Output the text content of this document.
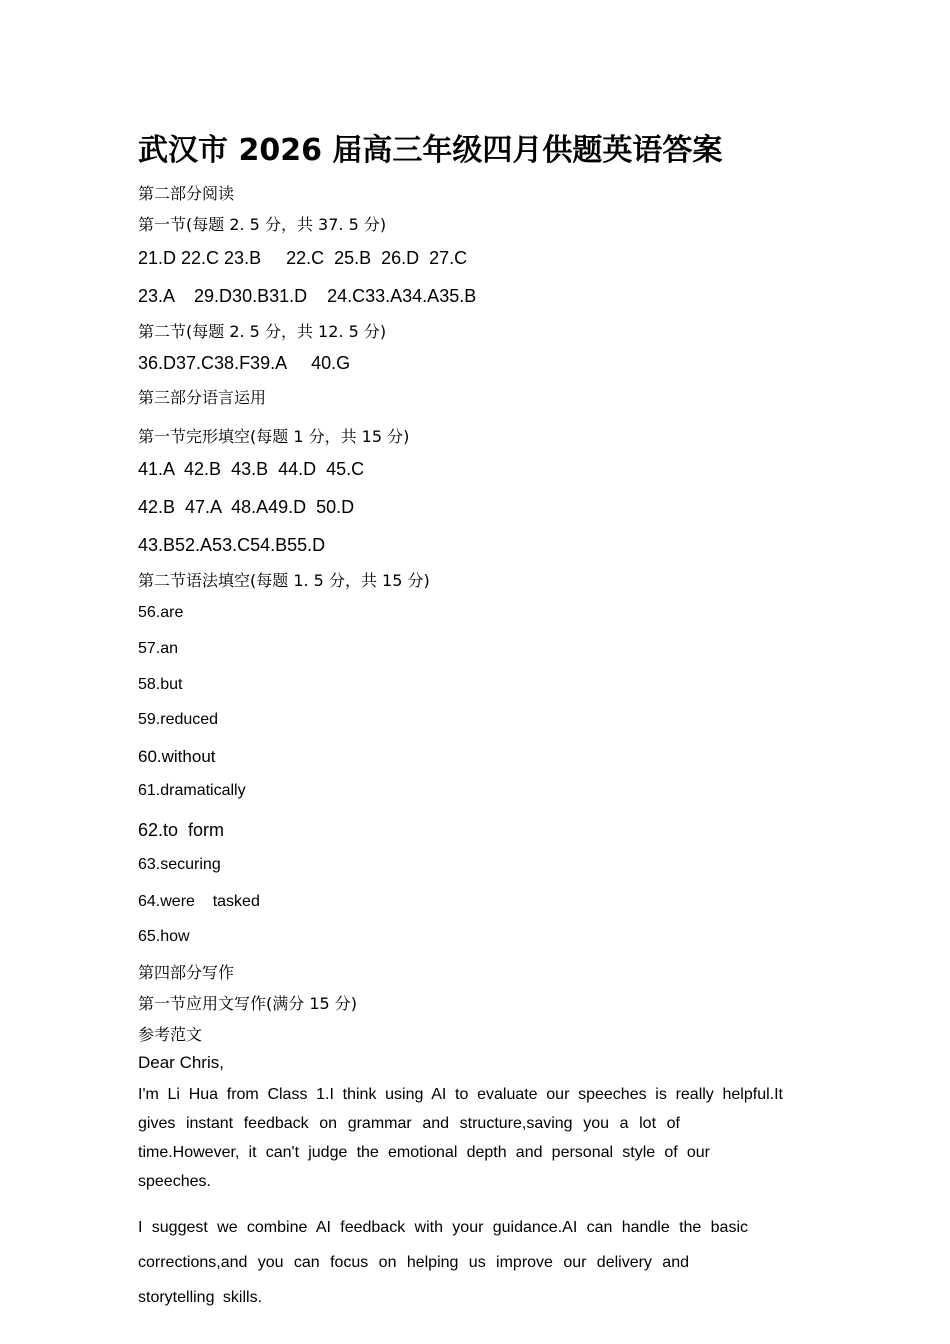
武汉市 2026 届高三年级四月供题英语答案
第二部分阅读
第一节(每题 2. 5 分，共 37. 5 分)
21.D 22.C 23.B     22.C  25.B  26.D  27.C
23.A    29.D30.B31.D    24.C33.A34.A35.B
第二节(每题 2. 5 分，共 12. 5 分)
36.D37.C38.F39.A     40.G
第三部分语言运用
第一节完形填空(每题 1 分，共 15 分)
41.A  42.B  43.B  44.D  45.C
42.B  47.A  48.A49.D  50.D
43.B52.A53.C54.B55.D
第二节语法填空(每题 1. 5 分，共 15 分)
56.are
57.an
58.but
59.reduced
60.without
61.dramatically
62.to  form
63.securing
64.were    tasked
65.how
第四部分写作
第一节应用文写作(满分 15 分)
参考范文
Dear Chris,
I'm Li Hua from Class 1.I think using AI to evaluate our speeches is really helpful.It
gives instant feedback on grammar and structure,saving you a lot of
time.However, it can't judge the emotional depth and personal style of our
speeches.
I suggest we combine AI feedback with your guidance.AI can handle the basic
corrections,and you can focus on helping us improve our delivery and
storytelling skills.
